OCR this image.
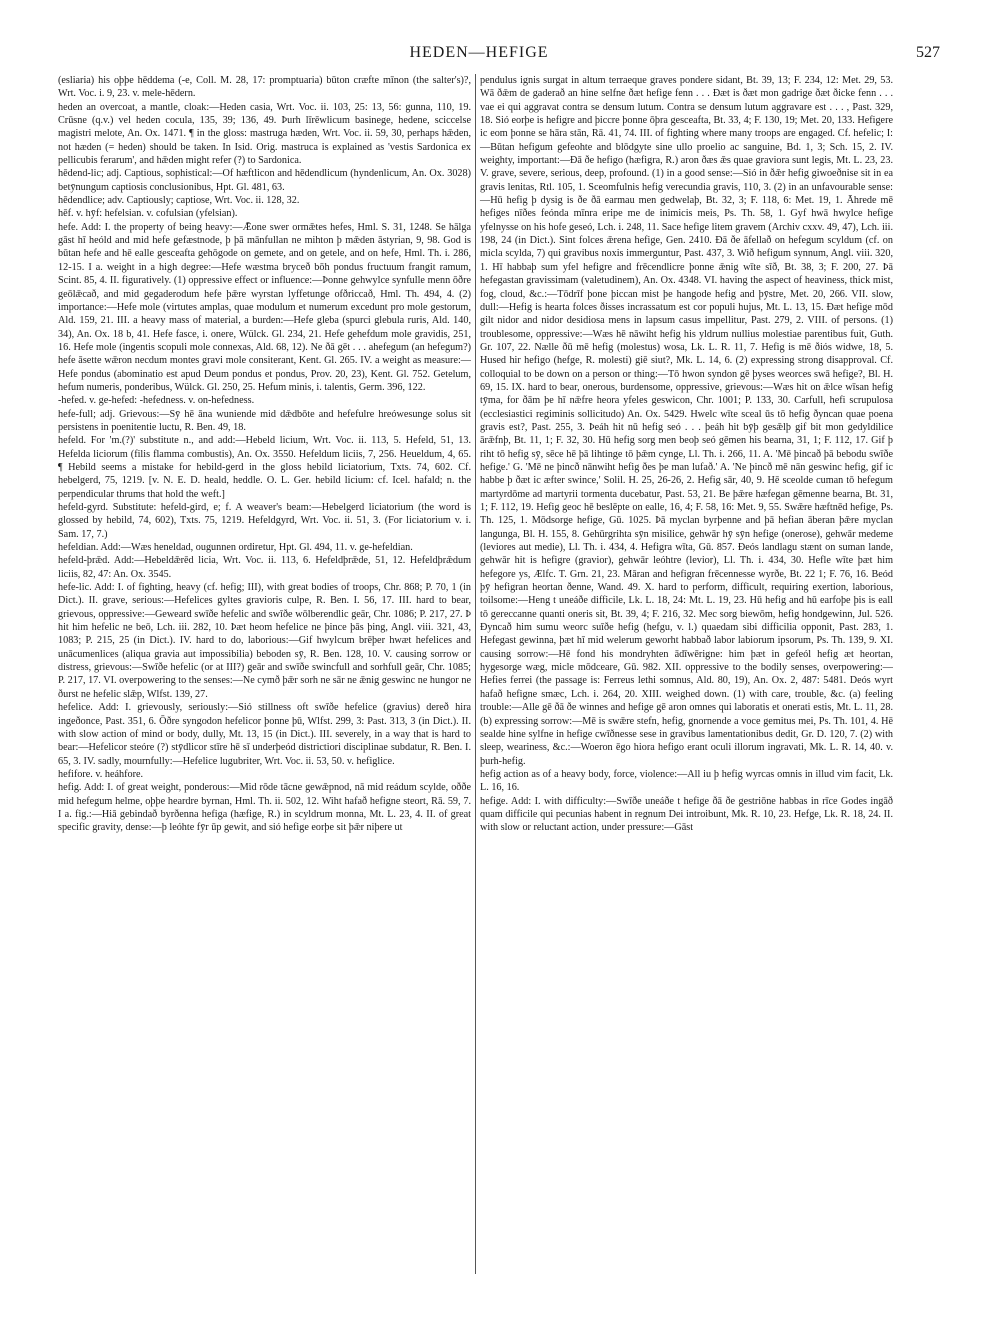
HEDEN—HEFIGE	527

(esliaria) his oþþe hēddema (-e, Coll. M. 28, 17: promptuaria) būton cræfte mīnon (the salter's)?, Wrt. Voc. i. 9, 23. v. mele-hēdern.

heden an overcoat, a mantle, cloak:—Heden casia, Wrt. Voc. ii. 103, 25: 13, 56: gunna, 110, 19. Crūsne (q.v.) vel heden cocula, 135, 39; 136, 49. Þurh līrēwlicum basinege, hedene, sciccelse magistri melote, An. Ox. 1471. ¶ in the gloss: mastruga hæden, Wrt. Voc. ii. 59, 30, perhaps hǣden, not hæden (= heden) should be taken. In Isid. Orig. mastruca is explained as 'vestis Sardonica ex pellicubis ferarum', and hǣden might refer (?) to Sardonica.

hēdend-lic; adj. Captious, sophistical:—Of hæftlicon and hēdendlicum (hyndenlicum, An. Ox. 3028) betȳnungum captiosis conclusionibus, Hpt. Gl. 481, 63.

hēdendlice; adv. Captiously; captiose, Wrt. Voc. ii. 128, 32.

hēf. v. hȳf: hefelsian. v. cofulsian (yfelsian).

hefe. Add: I. the property of being heavy:—Ǣone swer ormǣtes hefes, Hml. S. 31, 1248. Se hālga gāst hī heóld and mid hefe gefæstnode, þ þā mānfullan ne mihton þ mǣden āstyrian, 9, 98. God is būtan hefe and hē ealle gesceafta gehōgode on gemete, and on getele, and on hefe, Hml. Th. i. 286, 12-15. I a. weight in a high degree:—Hefe wæstma bryceð bōh pondus fructuum frangit ramum, Scint. 85, 4. II. figuratively. (1) oppressive effect or influence:—Þonne gehwylce synfulle menn ōðre geōlǣcað, and mid gegaderodum hefe þǣre wyrstan lyffetunge ofðriccað, Hml. Th. 494, 4. (2) importance:—Hefe mole (virtutes amplas, quae modulum et numerum excedunt pro mole gestorum, Ald. 159, 21. III. a heavy mass of material, a burden:—Hefe gleba (spurci glebula ruris, Ald. 140, 34), An. Ox. 18 b, 41. Hefe fasce, i. onere, Wülck. Gl. 234, 21. Hefe gehefdum mole gravidis, 251, 16. Hefe mole (ingentis scopuli mole connexas, Ald. 68, 12). Ne ðā gēt . . . ahefegum (an hefegum?) hefe āsette wǣron necdum montes gravi mole consiterant, Kent. Gl. 265. IV. a weight as measure:—Hefe pondus (abominatio est apud Deum pondus et pondus, Prov. 20, 23), Kent. Gl. 752. Getelum, hefum numeris, ponderibus, Wülck. Gl. 250, 25. Hefum minis, i. talentis, Germ. 396, 122.

-hefed. v. ge-hefed: -hefedness. v. on-hefedness.

hefe-full; adj. Grievous:—Sȳ hē āna wuniende mid dǣdbōte and hefefulre hreówesunge solus sit persistens in poenitentie luctu, R. Ben. 49, 18.

hefeld. For 'm.(?)' substitute n., and add:—Hebeld licium, Wrt. Voc. ii. 113, 5. Hefeld, 51, 13. Hefelda liciorum (filis flamma combustis), An. Ox. 3550. Hefeldum liciis, 7, 256. Heueldum, 4, 65. ¶ Hebild seems a mistake for hebild-gerd in the gloss hebild liciatorium, Txts. 74, 602. Cf. hebelgerd, 75, 1219. [v. N. E. D. heald, heddle. O. L. Ger. hebild licium: cf. Icel. hafald; n. the perpendicular thrums that hold the weft.]

hefeld-gyrd. Substitute: hefeld-gird, e; f. A weaver's beam:—Hebelgerd liciatorium (the word is glossed by hebild, 74, 602), Txts. 75, 1219. Hefeldgyrd, Wrt. Voc. ii. 51, 3. (For liciatorium v. i. Sam. 17, 7.)

hefeldian. Add:—Wæs heneldad, ougunnen ordiretur, Hpt. Gl. 494, 11. v. ge-hefeldian.

hefeld-þrǣd. Add:—Hebeldǣrēd licia, Wrt. Voc. ii. 113, 6. Hefeldþrǣde, 51, 12. Hefeldþrǣdum liciis, 82, 47: An. Ox. 3545.

hefe-lic. Add: I. of fighting, heavy (cf. hefig; III), with great bodies of troops, Chr. 868; P. 70, 1 (in Dict.). II. grave, serious:—Hefelices gyltes gravioris culpe, R. Ben. I. 56, 17. III. hard to bear, grievous, oppressive:—Geweard swīðe hefelic and swīðe wōlberendlic geār, Chr. 1086; P. 217, 27. Þ hit him hefelic ne beō, Lch. iii. 282, 10. Þæt heom hefelice ne þince þās þing, Angl. viii. 321, 43, 1083; P. 215, 25 (in Dict.). IV. hard to do, laborious:—Gif hwylcum brēþer hwæt hefelices and unācumenlices (aliqua gravia aut impossibilia) beboden sȳ, R. Ben. 128, 10. V. causing sorrow or distress, grievous:—Swīðe hefelic (or at III?) geār and swīðe swincfull and sorhfull geār, Chr. 1085; P. 217, 17. VI. overpowering to the senses:—Ne cymð þǣr sorh ne sār ne ǣnig geswinc ne hungor ne ðurst ne hefelic slǣp, Wlfst. 139, 27.

hefelice. Add: I. grievously, seriously:—Sió stillness oft swīðe hefelice (gravius) dereð hira ingeðonce, Past. 351, 6. Ōðre syngodon hefelicor þonne þū, Wlfst. 299, 3: Past. 313, 3 (in Dict.). II. with slow action of mind or body, dully, Mt. 13, 15 (in Dict.). III. severely, in a way that is hard to bear:—Hefelicor steóre (?) stȳdlicor stīre hē sī underþeód districtiori disciplinae subdatur, R. Ben. I. 65, 3. IV. sadly, mournfully:—Hefelice lugubriter, Wrt. Voc. ii. 53, 50. v. hefiglice.

hefifore. v. heáhfore.

hefig. Add: I. of great weight, ponderous:—Mid rōde tācne gewǣpnod, nā mid reádum scylde, oððe mid hefegum helme, oþþe heardre byrnan, Hml. Th. ii. 502, 12. Wiht hafað hefigne steort, Rā. 59, 7. I a. fig.:—Hiā gebindað byrðenna hefiga (hæfige, R.) in scyldrum monna, Mt. L. 23, 4. II. of great specific gravity, dense:—þ leóhte fȳr ūp gewit, and sió hefige eorþe sit þǣr niþere ut

pendulus ignis surgat in altum terraeque graves pondere sidant, Bt. 39, 13; F. 234, 12: Met. 29, 53. Wā ðǣm de gaderað an hine selfne ðæt hefige fenn . . . Ðæt is ðæt mon gadrige ðæt ðicke fenn . . . vae ei qui aggravat contra se densum lutum. Contra se densum lutum aggravare est . . . , Past. 329, 18. Sió eorþe is hefigre and þiccre þonne ōþra gesceafta, Bt. 33, 4; F. 130, 19; Met. 20, 133. Hefigere ic eom þonne se hāra stān, Rā. 41, 74. III. of fighting where many troops are engaged. Cf. hefelic; I:—Būtan hefigum gefeohte and blōdgyte sine ullo proelio ac sanguine, Bd. 1, 3; Sch. 15, 2. IV. weighty, important:—Ðā ðe hefigo (hæfigra, R.) aron ðæs ǣs quae graviora sunt legis, Mt. L. 23, 23. V. grave, severe, serious, deep, profound. (1) in a good sense:—Sió in ðǣr hefig giwoeðnise sit in ea gravis lenitas, Rtl. 105, 1. Sceomfulnis hefig verecundia gravis, 110, 3. (2) in an unfavourable sense:—Hū hefig þ dysig is ðe ðā earmau men gedwelaþ, Bt. 32, 3; F. 118, 6: Met. 19, 1. Āhrede mē hefiges nīðes feónda mīnra eripe me de inimicis meis, Ps. Th. 58, 1. Gyf hwā hwylce hefige yfelnysse on his hofe geseó, Lch. i. 248, 11. Sace hefige litem gravem (Archiv cxxv. 49, 47), Lch. iii. 198, 24 (in Dict.). Sint folces ǣrena hefige, Gen. 2410. Ðā ðe āfellað on hefegum scyldum (cf. on micla scylda, 7) qui gravibus noxis immerguntur, Past. 437, 3. Wið hefigum synnum, Angl. viii. 320, 1. Hī habbaþ sum yfel hefigre and frēcendlicre þonne ǣnig wīte sīð, Bt. 38, 3; F. 200, 27. Þā hefegastan gravissimam (valetudinem), An. Ox. 4348. VI. having the aspect of heaviness, thick mist, fog, cloud, &c.:—Tōdrīf þone þiccan mist þe hangode hefig and þȳstre, Met. 20, 266. VII. slow, dull:—Hefig is hearta folces ðisses incrassatum est cor populi hujus, Mt. L. 13, 15. Ðæt hefige mōd gilt nidor and nidor desidiosa mens in lapsum casus impellitur, Past. 279, 2. VIII. of persons. (1) troublesome, oppressive:—Wæs hē nāwiht hefig his yldrum nullius molestiae parentibus fuit, Guth. Gr. 107, 22. Nælle ðū mē hefig (molestus) wosa, Lk. L. R. 11, 7. Hefig is mē ðiós widwe, 18, 5. Hused hir hefigo (hefge, R. molesti) giē siut?, Mk. L. 14, 6. (2) expressing strong disapproval. Cf. colloquial to be down on a person or thing:—Tō hwon syndon gē þyses weorces swā hefige?, Bl. H. 69, 15. IX. hard to bear, onerous, burdensome, oppressive, grievous:—Wæs hit on ǣlce wīsan hefig tȳma, for ðām þe hī nǣfre heora yfeles geswicon, Chr. 1001; P. 133, 30. Carfull, hefi scrupulosa (ecclesiastici regiminis sollicitudo) An. Ox. 5429. Hwelc wīte sceal ūs tō hefig ðyncan quae poena gravis est?, Past. 255, 3. Þeáh hit nū hefig seó . . . þeáh hit bȳþ gesǣlþ gif bit mon gedyldilice ārǣfnþ, Bt. 11, 1; F. 32, 30. Hū hefig sorg men beoþ seó gēmen his bearna, 31, 1; F. 112, 17. Gif þ riht tō hefig sȳ, sēce hē þā lihtinge tō þǣm cynge, Ll. Th. i. 266, 11. A. 'Mē þincað þā bebodu swīðe hefige.' G. 'Mē ne þincð nānwiht hefig ðes þe man lufað.' A. 'Ne þincð mē nān geswinc hefig, gif ic habbe þ ðæt ic æfter swince,' Solil. H. 25, 26-26, 2. Hefig sār, 40, 9. Hē sceolde cuman tō hefegum martyrdōme ad martyrii tormenta ducebatur, Past. 53, 21. Be þǣre hæfegan gēmenne bearna, Bt. 31, 1; F. 112, 19. Hefig geoc hē beslēpte on ealle, 16, 4; F. 58, 16: Met. 9, 55. Swǣre hæftnēd hefige, Ps. Th. 125, 1. Mōdsorge hefige, Gū. 1025. Þā myclan byrþenne and þā hefian āberan þǣre myclan langunga, Bl. H. 155, 8. Gehūrgrihta sȳn misilice, gehwār hȳ sȳn hefige (onerose), gehwār medeme (leviores aut medie), Ll. Th. i. 434, 4. Hefigra wīta, Gū. 857. Ðeós landlagu stænt on suman lande, gehwār hit is hefigre (gravior), gehwār leóhtre (levior), Ll. Th. i. 434, 30. Hefle wīte þæt him hefegore ys, Ælfc. T. Grn. 21, 23. Māran and hefigran frēcennesse wyrðe, Bt. 22 1; F. 76, 16. Beód þȳ hefigran heortan ðenne, Wand. 49. X. hard to perform, difficult, requiring exertion, laborious, toilsome:—Heng t uneáðe difficile, Lk. L. 18, 24: Mt. L. 19, 23. Hū hefig and hū earfoþe þis is eall tō gereccanne quanti oneris sit, Bt. 39, 4; F. 216, 32. Mec sorg biewōm, hefig hondgewinn, Jul. 526. Ðyncað him sumu weorc suīðe hefig (hefgu, v. l.) quaedam sibi difficilia opponit, Past. 283, 1. Hefegast gewinna, þæt hī mid welerum geworht habbað labor labiorum ipsorum, Ps. Th. 139, 9. XI. causing sorrow:—Hē fond his mondryhten ādīwērigne: him þæt in gefeól hefig æt heortan, hygesorge wæg, micle mōdceare, Gū. 982. XII. oppressive to the bodily senses, overpowering:—Hefies ferrei (the passage is: Ferreus lethi somnus, Ald. 80, 19), An. Ox. 2, 487: 5481. Deós wyrt hafað hefigne smæc, Lch. i. 264, 20. XIII. weighed down. (1) with care, trouble, &c. (a) feeling trouble:—Alle gē ðā ðe winnes and hefige gē aron omnes qui laboratis et onerati estis, Mt. L. 11, 28. (b) expressing sorrow:—Mē is swǣre stefn, hefig, gnornende a voce gemitus mei, Ps. Th. 101, 4. Hē sealde hine sylfne in hefige cwīðnesse sese in gravibus lamentationibus dedit, Gr. D. 120, 7. (2) with sleep, weariness, &c.:—Woeron ēgo hiora hefigo erant oculi illorum ingravati, Mk. L. R. 14, 40. v. þurh-hefig.

hefig action as of a heavy body, force, violence:—All iu þ hefig wyrcas omnis in illud vim facit, Lk. L. 16, 16.

hefige. Add: I. with difficulty:—Swīðe uneáðe t hefige ðā ðe gestriōne habbas in rīce Godes ingāð quam difficile qui pecunias habent in regnum Dei introibunt, Mk. R. 10, 23. Hefge, Lk. R. 18, 24. II. with slow or reluctant action, under pressure:—Gāst
